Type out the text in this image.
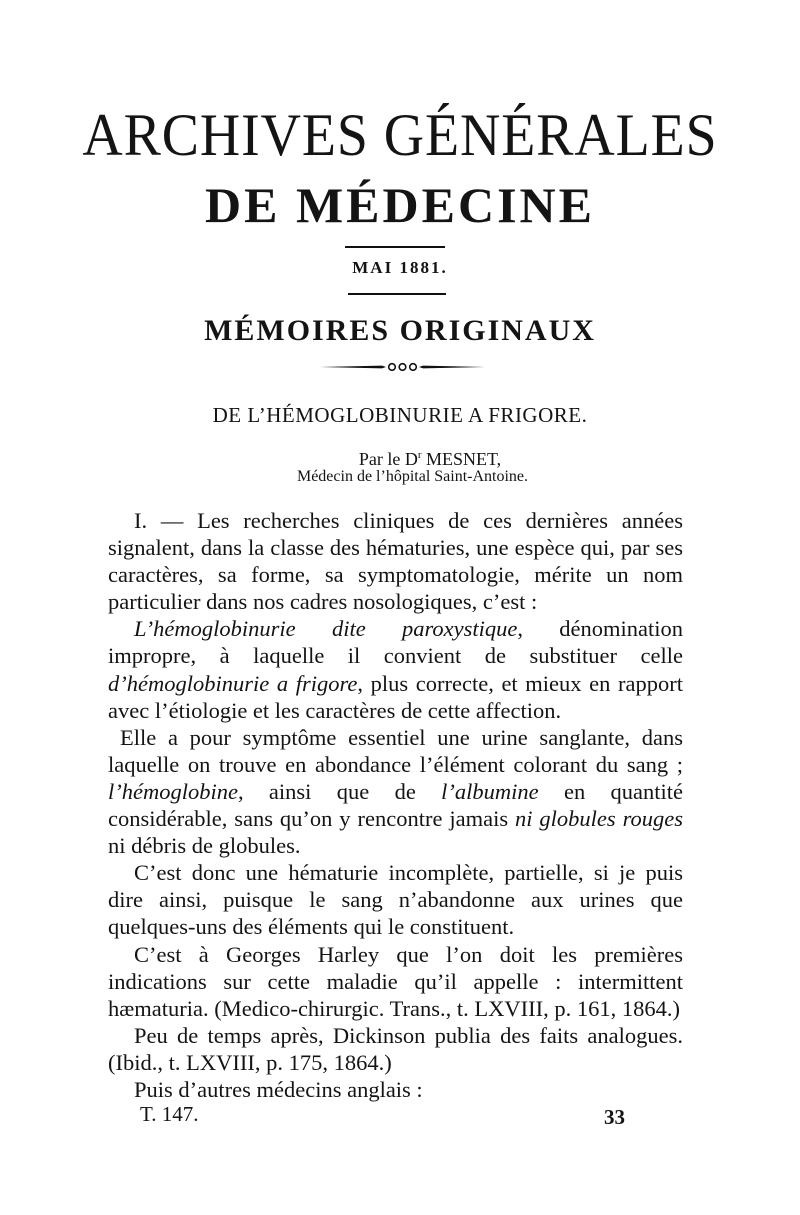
ARCHIVES GÉNÉRALES
DE MÉDECINE
MAI 1881.
MÉMOIRES ORIGINAUX
DE L’HÉMOGLOBINURIE A FRIGORE.
Par le $D^r$ MESNET,
Médecin de l’hôpital Saint-Antoine.

I. — Les recherches cliniques de ces dernières années signalent, dans la classe des hématuries, une espèce qui, par ses caractères, sa forme, sa symptomatologie, mérite un nom particulier dans nos cadres nosologiques, c’est :

L’hémoglobinurie dite paroxystique, dénomination impropre, à laquelle il convient de substituer celle d’hémoglobinurie a frigore, plus correcte, et mieux en rapport avec l’étiologie et les caractères de cette affection.

Elle a pour symptôme essentiel une urine sanglante, dans laquelle on trouve en abondance l’élément colorant du sang ; l’hémoglobine, ainsi que de l’albumine en quantité considérable, sans qu’on y rencontre jamais ni globules rouges ni débris de globules.

C’est donc une hématurie incomplète, partielle, si je puis dire ainsi, puisque le sang n’abandonne aux urines que quelques-uns des éléments qui le constituent.

C’est à Georges Harley que l’on doit les premières indications sur cette maladie qu’il appelle : intermittent hæmaturia. (Medico-chirurgic. Trans., t. LXVIII, p. 161, 1864.)

Peu de temps après, Dickinson publia des faits analogues. (Ibid., t. LXVIII, p. 175, 1864.)

Puis d’autres médecins anglais :

T. 147.	33
